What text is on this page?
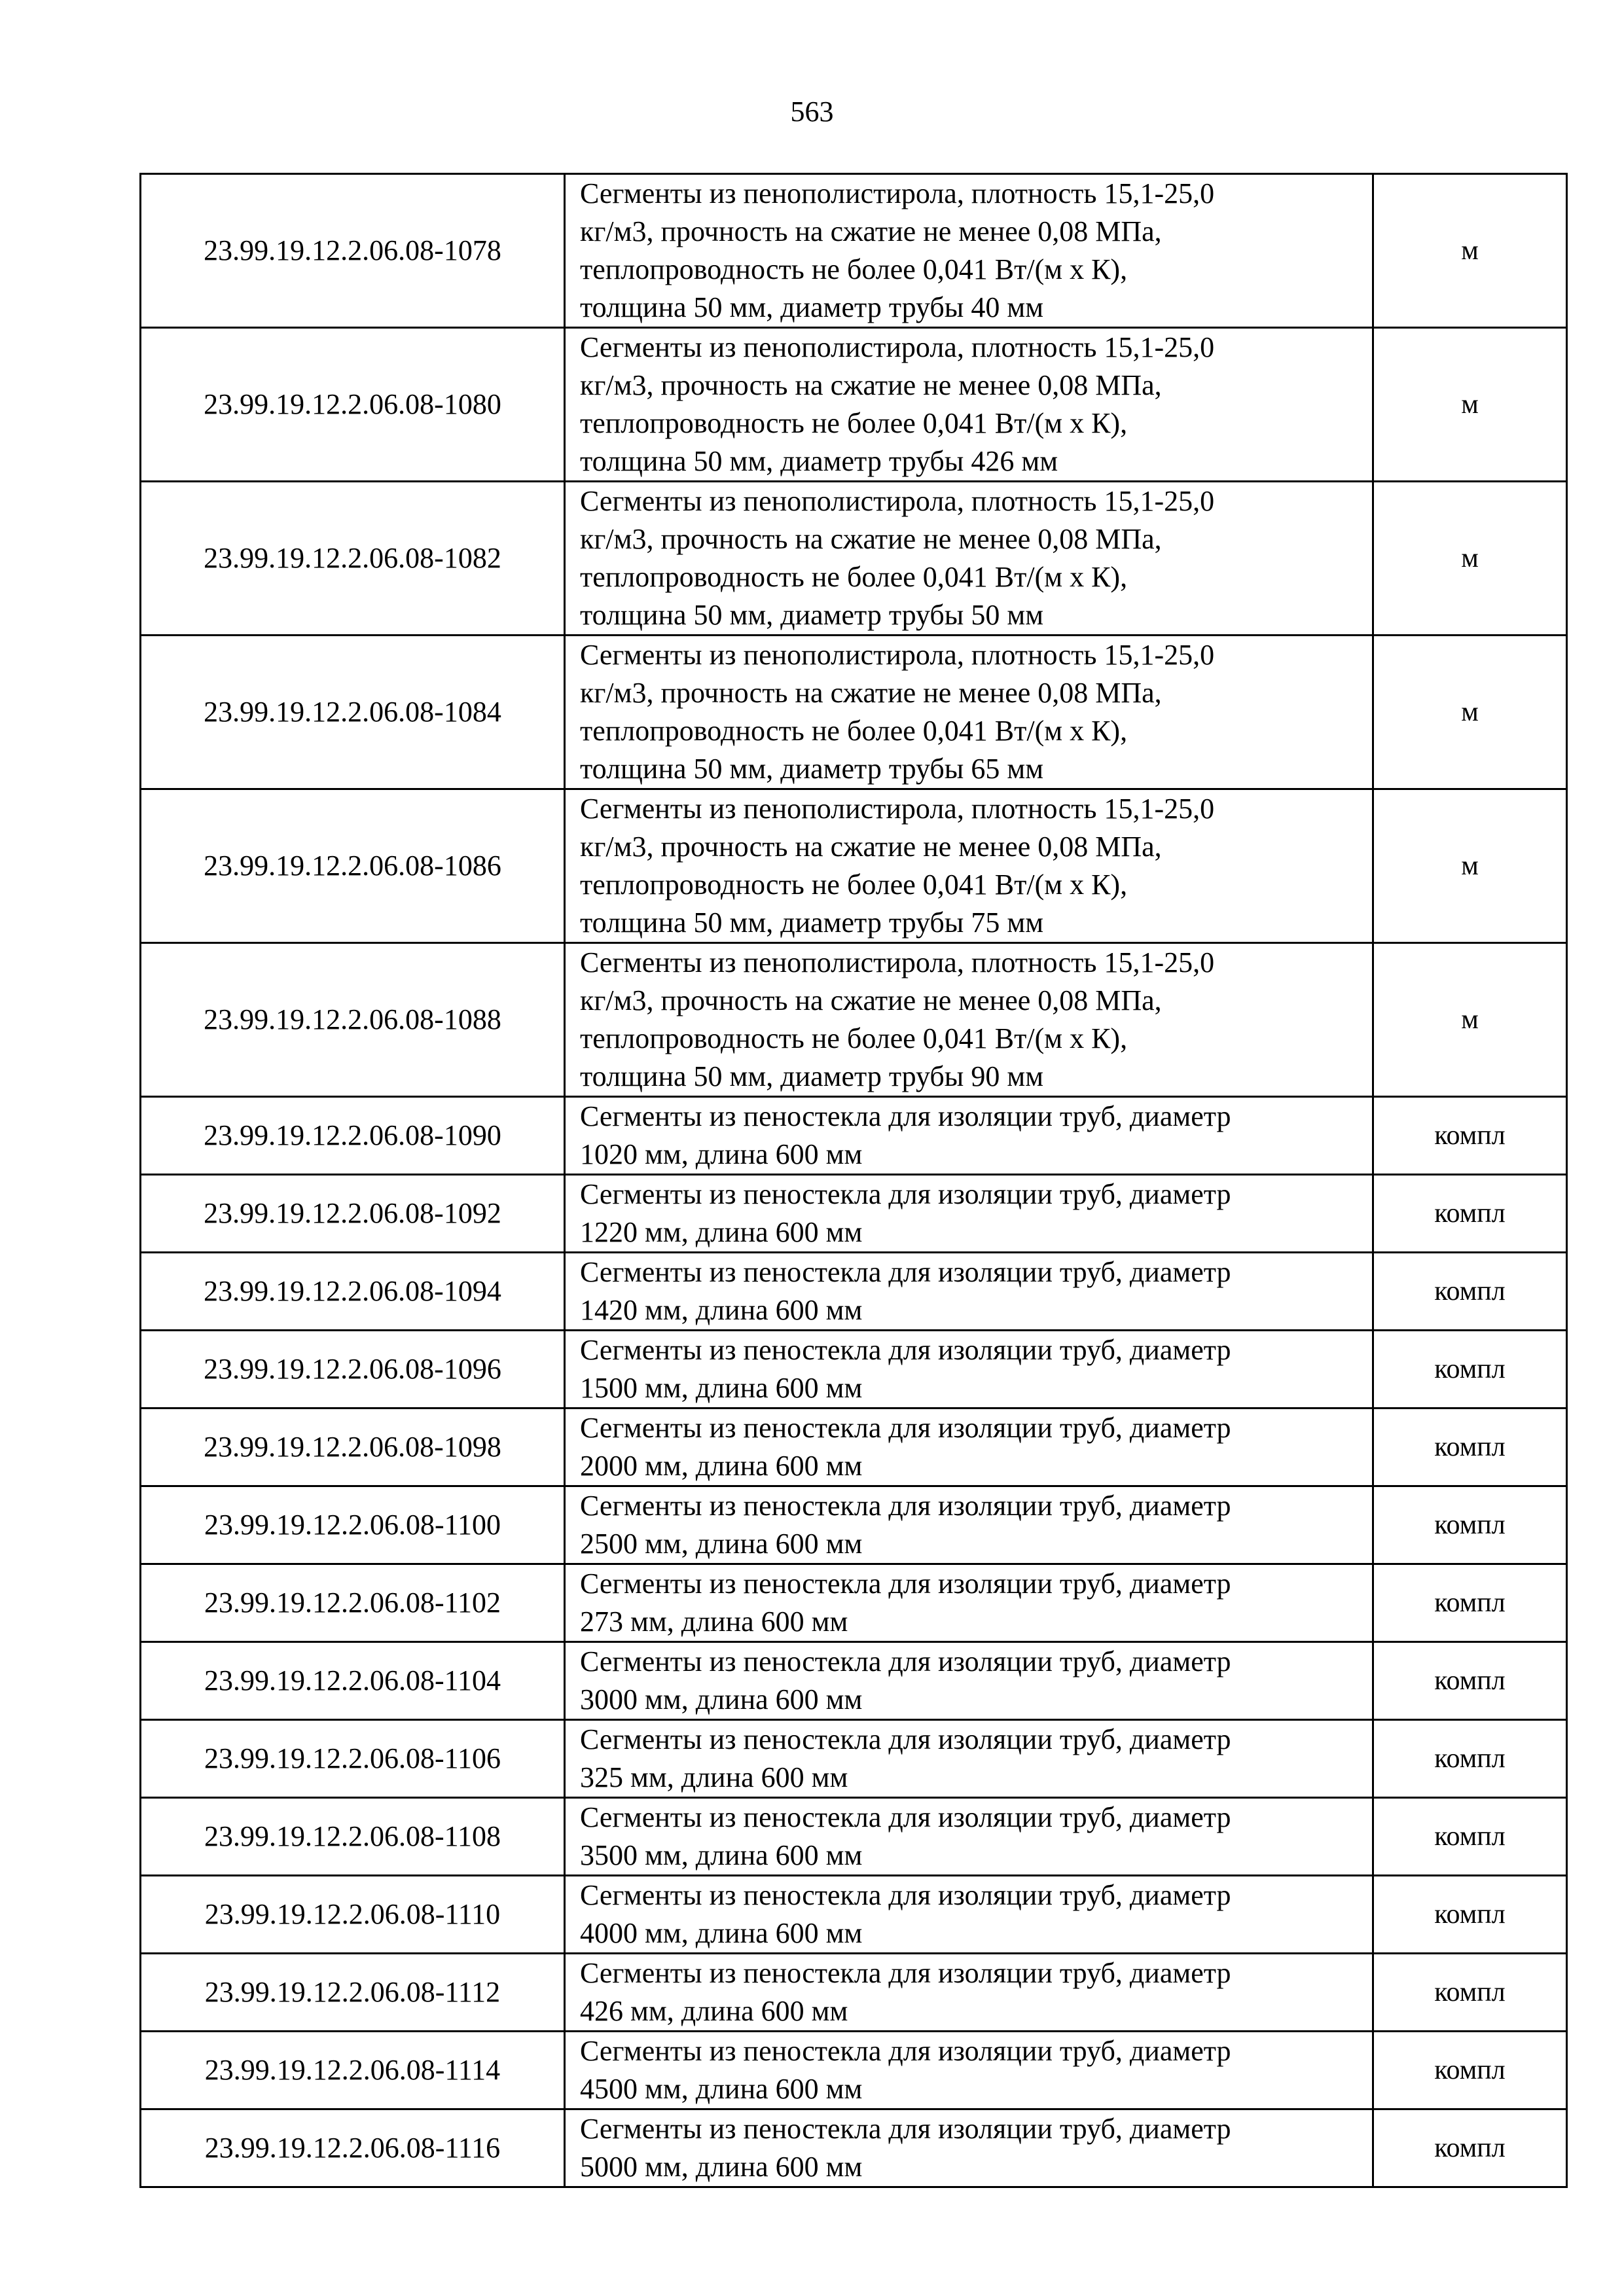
563
23.99.19.12.2.06.08-1078	Сегменты из пенополистирола, плотность 15,1-25,0
кг/м3, прочность на сжатие не менее 0,08 МПа,
теплопроводность не более 0,041 Вт/(м х К),
толщина 50 мм, диаметр трубы 40 мм	м
23.99.19.12.2.06.08-1080	Сегменты из пенополистирола, плотность 15,1-25,0
кг/м3, прочность на сжатие не менее 0,08 МПа,
теплопроводность не более 0,041 Вт/(м х К),
толщина 50 мм, диаметр трубы 426 мм	м
23.99.19.12.2.06.08-1082	Сегменты из пенополистирола, плотность 15,1-25,0
кг/м3, прочность на сжатие не менее 0,08 МПа,
теплопроводность не более 0,041 Вт/(м х К),
толщина 50 мм, диаметр трубы 50 мм	м
23.99.19.12.2.06.08-1084	Сегменты из пенополистирола, плотность 15,1-25,0
кг/м3, прочность на сжатие не менее 0,08 МПа,
теплопроводность не более 0,041 Вт/(м х К),
толщина 50 мм, диаметр трубы 65 мм	м
23.99.19.12.2.06.08-1086	Сегменты из пенополистирола, плотность 15,1-25,0
кг/м3, прочность на сжатие не менее 0,08 МПа,
теплопроводность не более 0,041 Вт/(м х К),
толщина 50 мм, диаметр трубы 75 мм	м
23.99.19.12.2.06.08-1088	Сегменты из пенополистирола, плотность 15,1-25,0
кг/м3, прочность на сжатие не менее 0,08 МПа,
теплопроводность не более 0,041 Вт/(м х К),
толщина 50 мм, диаметр трубы 90 мм	м
23.99.19.12.2.06.08-1090	Сегменты из пеностекла для изоляции труб, диаметр
1020 мм, длина 600 мм	компл
23.99.19.12.2.06.08-1092	Сегменты из пеностекла для изоляции труб, диаметр
1220 мм, длина 600 мм	компл
23.99.19.12.2.06.08-1094	Сегменты из пеностекла для изоляции труб, диаметр
1420 мм, длина 600 мм	компл
23.99.19.12.2.06.08-1096	Сегменты из пеностекла для изоляции труб, диаметр
1500 мм, длина 600 мм	компл
23.99.19.12.2.06.08-1098	Сегменты из пеностекла для изоляции труб, диаметр
2000 мм, длина 600 мм	компл
23.99.19.12.2.06.08-1100	Сегменты из пеностекла для изоляции труб, диаметр
2500 мм, длина 600 мм	компл
23.99.19.12.2.06.08-1102	Сегменты из пеностекла для изоляции труб, диаметр
273 мм, длина 600 мм	компл
23.99.19.12.2.06.08-1104	Сегменты из пеностекла для изоляции труб, диаметр
3000 мм, длина 600 мм	компл
23.99.19.12.2.06.08-1106	Сегменты из пеностекла для изоляции труб, диаметр
325 мм, длина 600 мм	компл
23.99.19.12.2.06.08-1108	Сегменты из пеностекла для изоляции труб, диаметр
3500 мм, длина 600 мм	компл
23.99.19.12.2.06.08-1110	Сегменты из пеностекла для изоляции труб, диаметр
4000 мм, длина 600 мм	компл
23.99.19.12.2.06.08-1112	Сегменты из пеностекла для изоляции труб, диаметр
426 мм, длина 600 мм	компл
23.99.19.12.2.06.08-1114	Сегменты из пеностекла для изоляции труб, диаметр
4500 мм, длина 600 мм	компл
23.99.19.12.2.06.08-1116	Сегменты из пеностекла для изоляции труб, диаметр
5000 мм, длина 600 мм	компл
